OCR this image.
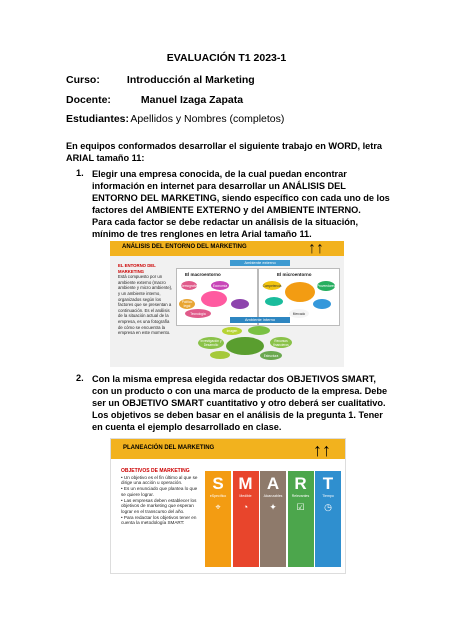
EVALUACIÓN T1 2023-1
Curso:	Introducción al Marketing
Docente:	Manuel Izaga Zapata
Estudiantes: Apellidos y Nombres (completos)
En equipos conformados desarrollar el siguiente trabajo en WORD, letra ARIAL tamaño 11:
1. Elegir una empresa conocida, de la cual puedan encontrar información en internet para desarrollar un ANÁLISIS DEL ENTORNO DEL MARKETING, siendo específico con cada uno de los factores del AMBIENTE EXTERNO y del AMBIENTE INTERNO.
Para cada factor se debe redactar un análisis de la situación, mínimo de tres renglones en letra Arial tamaño 11.
ANÁLISIS DEL ENTORNO DEL MARKETING	↑↑
EL ENTORNO DEL MARKETING
Está compuesto por un ambiente externo (macro ambiente y micro ambiente), y un ambiente interno, organizados según los factores que se presentan a continuación. Es el análisis de la situación actual de la empresa, es una fotografía de cómo se encuentra la empresa en este momento.
Ambiente externo
El macroentorno
Demografía	Economía
Político legal
Tecnología
El microentorno
Competencia	Proveedores
Mercado
Ambiente interno
Imagen
Investigación y Desarrollo
Recursos financieros
Estructura
2. Con la misma empresa elegida redactar dos OBJETIVOS SMART, con un producto o con una marca de producto de la empresa. Debe ser un OBJETIVO SMART cuantitativo y otro deberá ser cualitativo. Los objetivos se deben basar en el análisis de la pregunta 1. Tener en cuenta el ejemplo desarrollado en clase.
PLANEACIÓN DEL MARKETING	↑↑
OBJETIVOS DE MARKETING
• Un objetivo es el fin último al que se dirige una acción u operación.
• Es un enunciado que plantea lo que se quiere lograr.
• Las empresas deben establecer los objetivos de marketing que esperan lograr en el transcurso del año.
• Para redactar los objetivos tener en cuenta la metodología SMART:
S
eSpecífico
⌖
M
Medible
◔
A
Alcanzables
✦
R
Relevantes
☑
T
Tiempo
◷
